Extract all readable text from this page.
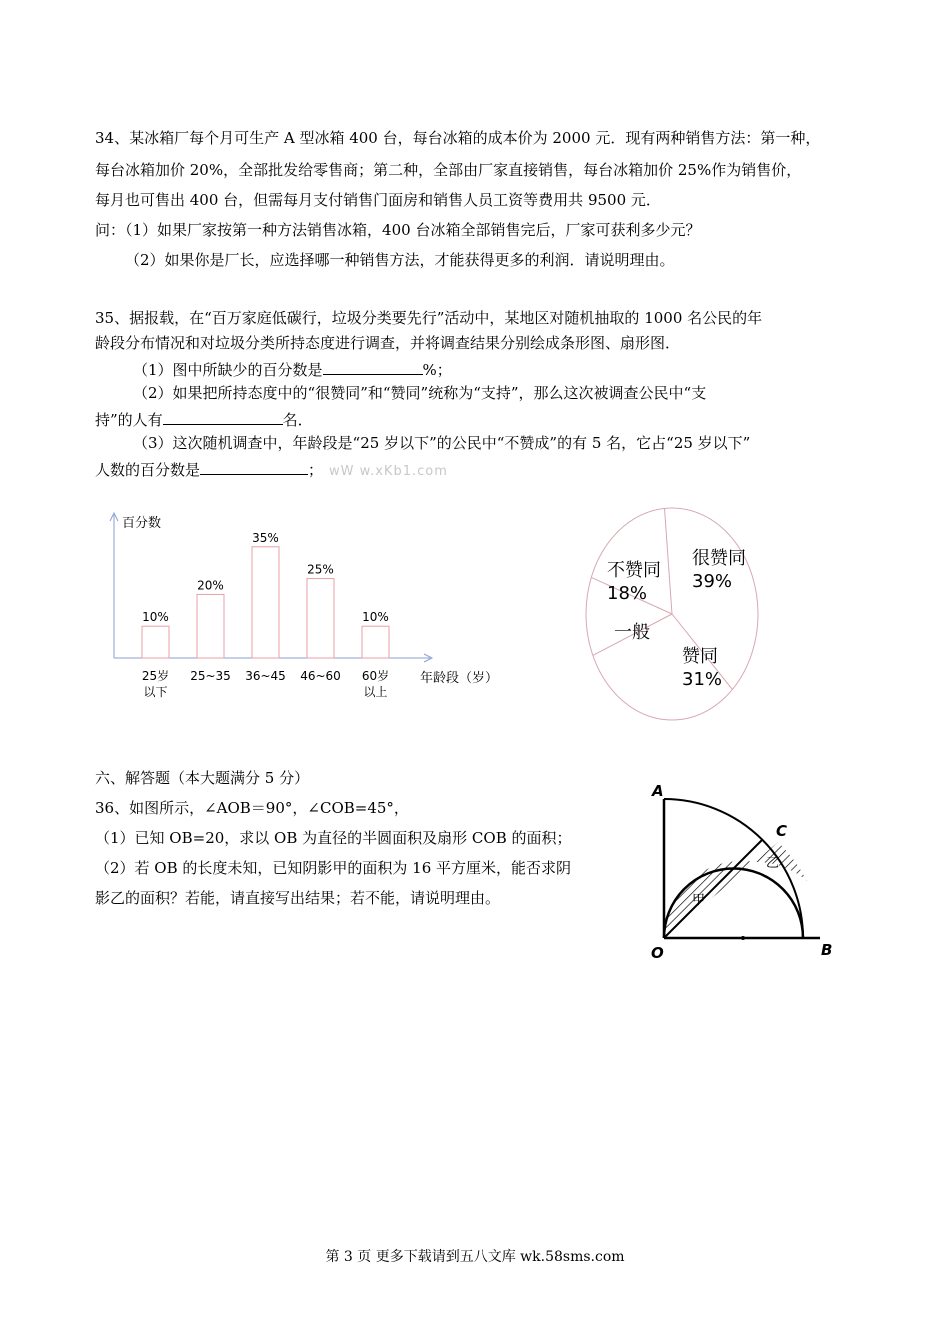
34、某冰箱厂每个月可生产 A 型冰箱 400 台，每台冰箱的成本价为 2000 元．现有两种销售方法：第一种，
每台冰箱加价 20%，全部批发给零售商；第二种，全部由厂家直接销售，每台冰箱加价 25%作为销售价，
每月也可售出 400 台，但需每月支付销售门面房和销售人员工资等费用共 9500 元．
问：（1）如果厂家按第一种方法销售冰箱，400 台冰箱全部销售完后，厂家可获利多少元？
（2）如果你是厂长，应选择哪一种销售方法，才能获得更多的利润．请说明理由。
35、据报载，在“百万家庭低碳行，垃圾分类要先行”活动中，某地区对随机抽取的 1000 名公民的年
龄段分布情况和对垃圾分类所持态度进行调查，并将调查结果分别绘成条形图、扇形图．
（1）图中所缺少的百分数是	%；
（2）如果把所持态度中的“很赞同”和“赞同”统称为“支持”，那么这次被调查公民中“支
持”的人有	名．
（3）这次随机调查中，年龄段是“25 岁以下”的公民中“不赞成”的有 5 名，它占“25 岁以下”
人数的百分数是	； wW w.xKb1.com
百分数
年龄段（岁）
10%
25岁
以下
20%
25~35
35%
36~45
25%
46~60
10%
60岁
以上
很赞同
39%
赞同
31%
一般
不赞同
18%
六、解答题（本大题满分 5 分）
36、如图所示，∠AOB＝90°，∠COB=45°，
（1）已知 OB=20，求以 OB 为直径的半圆面积及扇形 COB 的面积；
（2）若 OB 的长度未知，已知阴影甲的面积为 16 平方厘米，能否求阴
影乙的面积？若能，请直接写出结果；若不能，请说明理由。
A
C
O	B
甲
乙
第 3 页 更多下载请到五八文库 wk.58sms.com
